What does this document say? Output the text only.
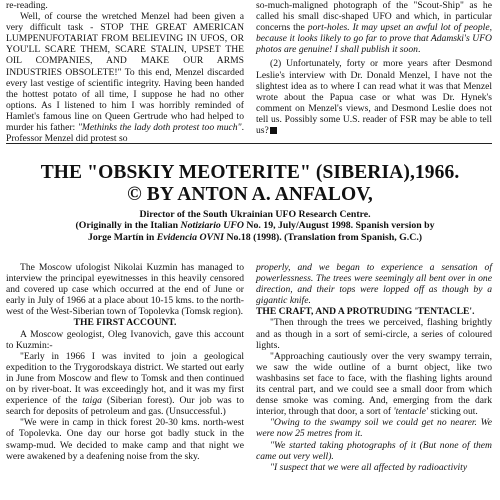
re-reading.

Well, of course the wretched Menzel had been given a very difficult task - STOP THE GREAT AMERICAN LUMPENUFOTARIAT FROM BELIEVING IN UFOS, OR YOU'LL SCARE THEM, SCARE STALIN, UPSET THE OIL COMPANIES, AND MAKE OUR ARMS INDUSTRIES OBSOLETE!" To this end, Menzel discarded every last vestige of scientific integrity. Having been handed the hottest potato of all time, I suppose he had no other options. As I listened to him I was horribly reminded of Hamlet's famous line on Queen Gertrude who had helped to murder his father: "Methinks the lady doth protest too much". Professor Menzel did protest so

so-much-maligned photograph of the "Scout-Ship" as he called his small disc-shaped UFO and which, in particular concerns the port-holes. It may upset an awful lot of people, because it looks likely to go far to prove that Adamski's UFO photos are genuine! I shall publish it soon.

(2) Unfortunately, forty or more years after Desmond Leslie's interview with Dr. Donald Menzel, I have not the slightest idea as to where I can read what it was that Menzel wrote about the Papua case or what was Dr. Hynek's comment on Menzel's views, and Desmond Leslie does not tell us. Possibly some U.S. reader of FSR may be able to tell us?

THE "OBSKIY MEOTERITE" (SIBERIA),1966.
© BY ANTON A. ANFALOV,
Director of the South Ukrainian UFO Research Centre.
(Originally in the Italian Notiziario UFO No. 19, July/August 1998. Spanish version by
Jorge Martín in Evidencia OVNI No.18 (1998). (Translation from Spanish, G.C.)

The Moscow ufologist Nikolai Kuzmin has managed to interview the principal eyewitnesses in this heavily censored and covered up case which occurred at the end of June or early in July of 1966 at a place about 10-15 kms. to the north-west of the West-Siberian town of Topolevka (Tomsk region).

THE FIRST ACCOUNT.

A Moscow geologist, Oleg Ivanovich, gave this account to Kuzmin:-

"Early in 1966 I was invited to join a geological expedition to the Trygorodskaya district. We started out early in June from Moscow and flew to Tomsk and then continued on by river-boat. It was exceedingly hot, and it was my first experience of the taiga (Siberian forest). Our job was to search for deposits of petroleum and gas. (Unsuccessful.)

"We were in camp in thick forest 20-30 kms. north-west of Topolevka. One day our horse got badly stuck in the swamp-mud. We decided to make camp and that night we were awakened by a deafening noise from the sky.

properly, and we began to experience a sensation of powerlessness. The trees were seemingly all bent over in one direction, and their tops were lopped off as though by a gigantic knife.

THE CRAFT, AND A PROTRUDING 'TENTACLE'.

"Then through the trees we perceived, flashing brightly and as though in a sort of semi-circle, a series of coloured lights.

"Approaching cautiously over the very swampy terrain, we saw the wide outline of a burnt object, like two washbasins set face to face, with the flashing lights around its central part, and we could see a small door from which dense smoke was coming. And, emerging from the dark interior, through that door, a sort of 'tentacle' sticking out.

"Owing to the swampy soil we could get no nearer. We were now 25 metres from it.

"We started taking photographs of it (But none of them came out very well).

"I suspect that we were all affected by radioactivity
